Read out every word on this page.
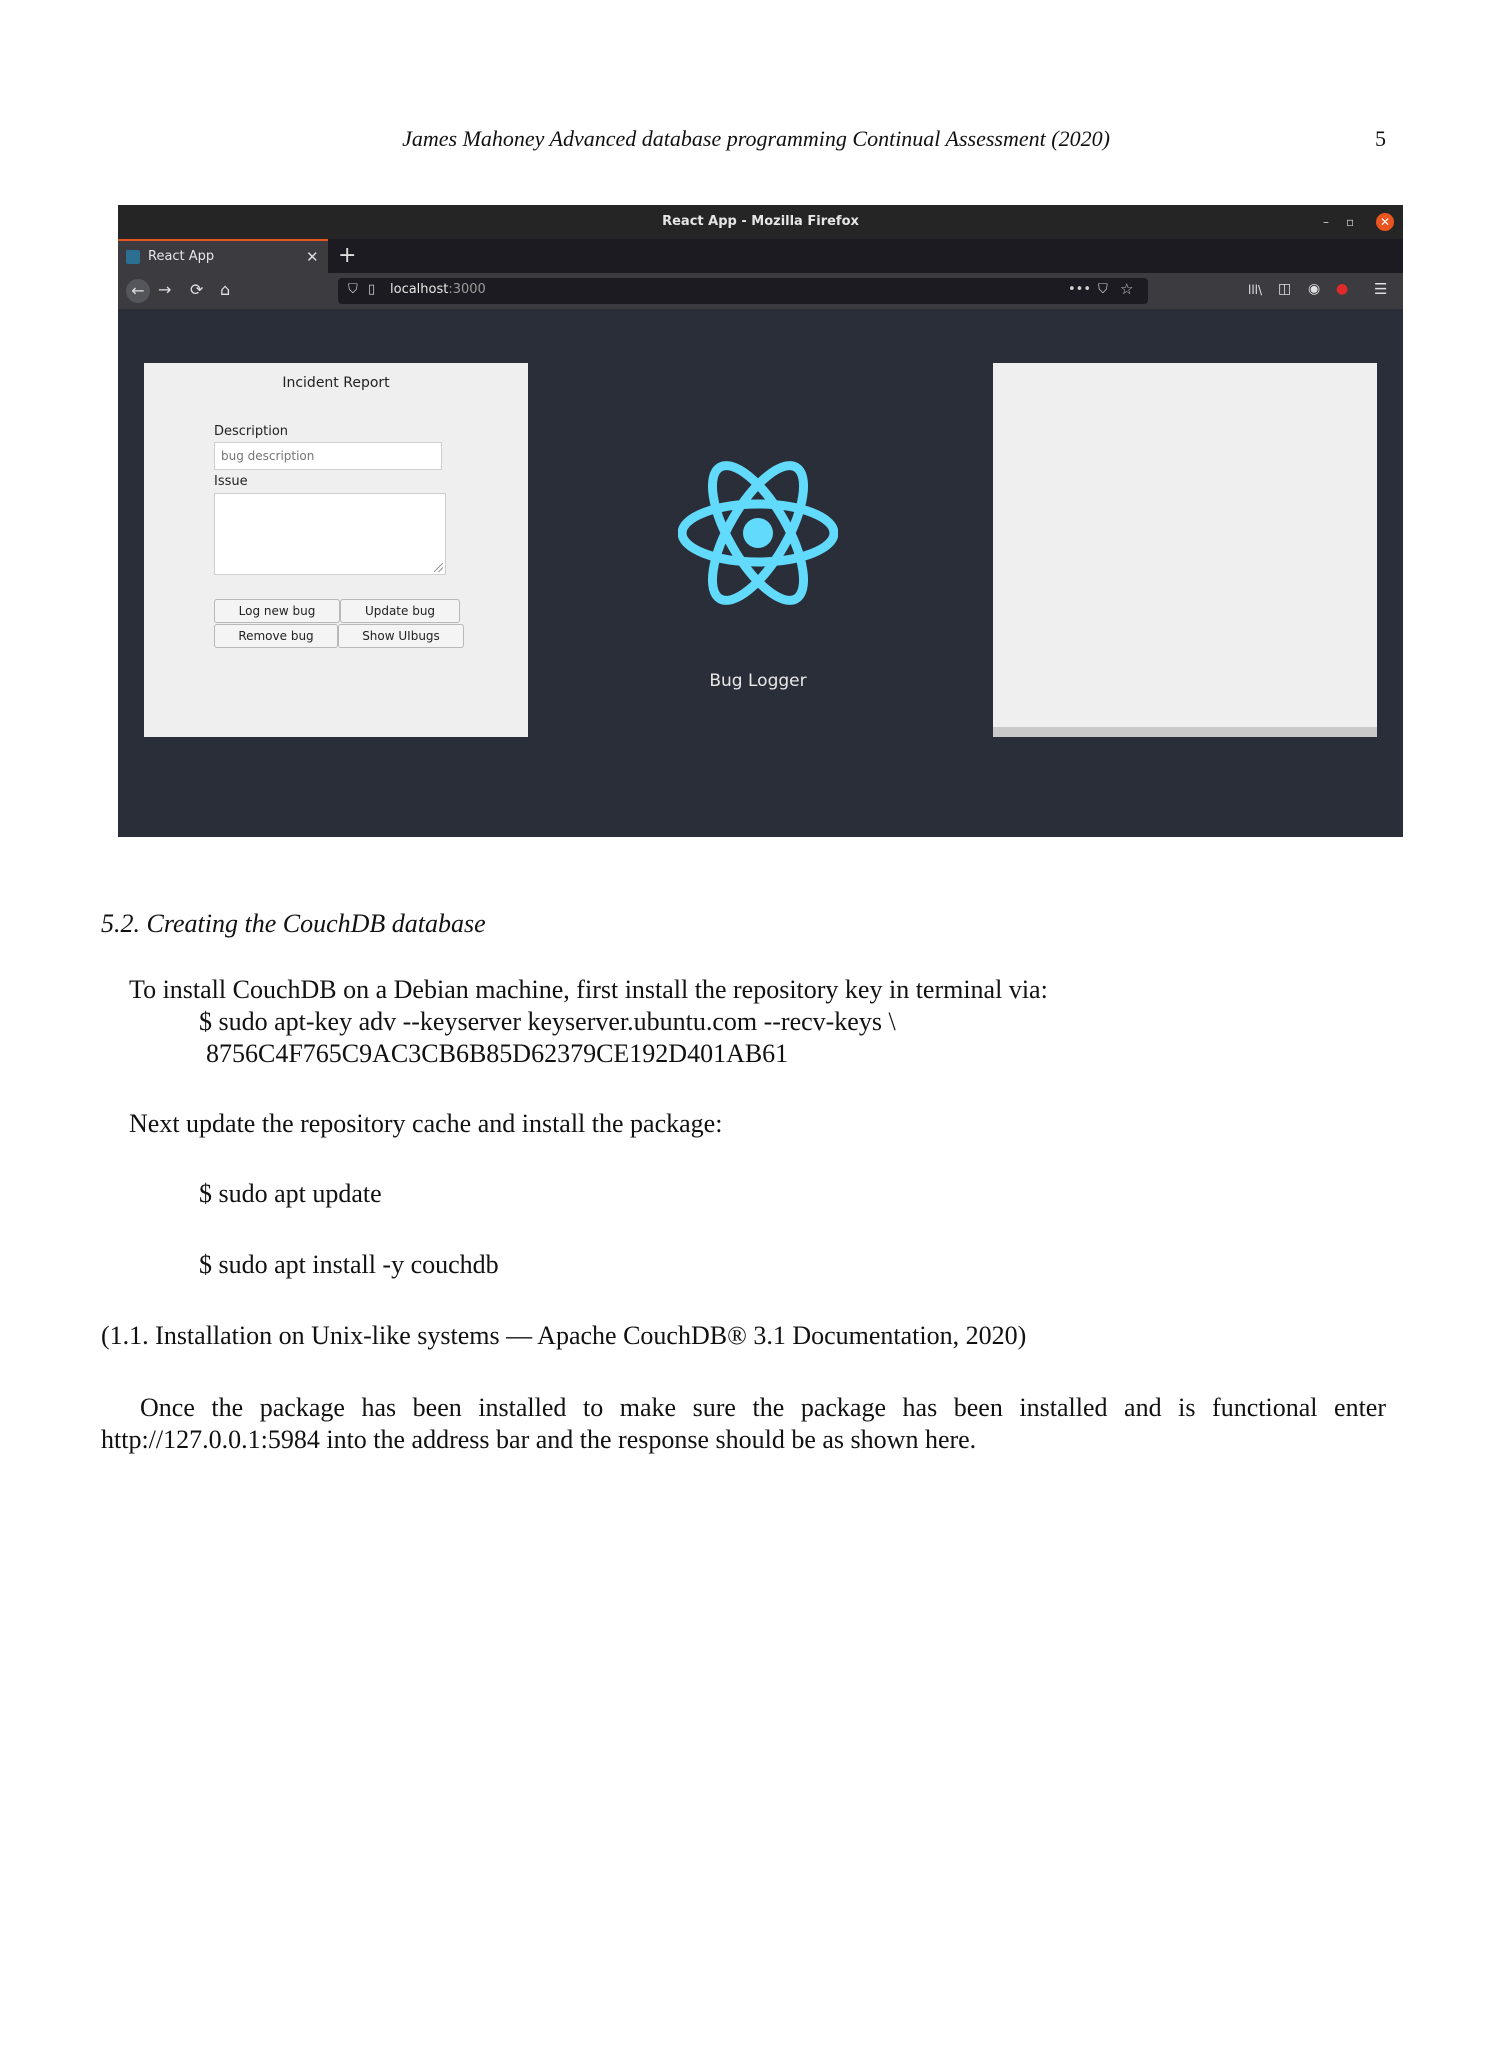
James Mahoney Advanced database programming Continual Assessment (2020)	5
React App - Mozilla Firefox	– ▫	✕
+
React App	✕
← → ⟳ ⌂	⛉ ▯ localhost:3000	••• ⛉ ☆	lll\ ◫ ◉ ● ☰
Incident Report
Description
bug description
Issue
Log new bug	Update bug
Remove bug	Show UIbugs
Bug Logger
5.2. Creating the CouchDB database
To install CouchDB on a Debian machine, first install the repository key in terminal via:
$ sudo apt-key adv --keyserver keyserver.ubuntu.com --recv-keys \
8756C4F765C9AC3CB6B85D62379CE192D401AB61
Next update the repository cache and install the package:
$ sudo apt update
$ sudo apt install -y couchdb
(1.1. Installation on Unix-like systems — Apache CouchDB® 3.1 Documentation, 2020)
Once the package has been installed to make sure the package has been installed and is functional enter
http://127.0.0.1:5984 into the address bar and the response should be as shown here.
